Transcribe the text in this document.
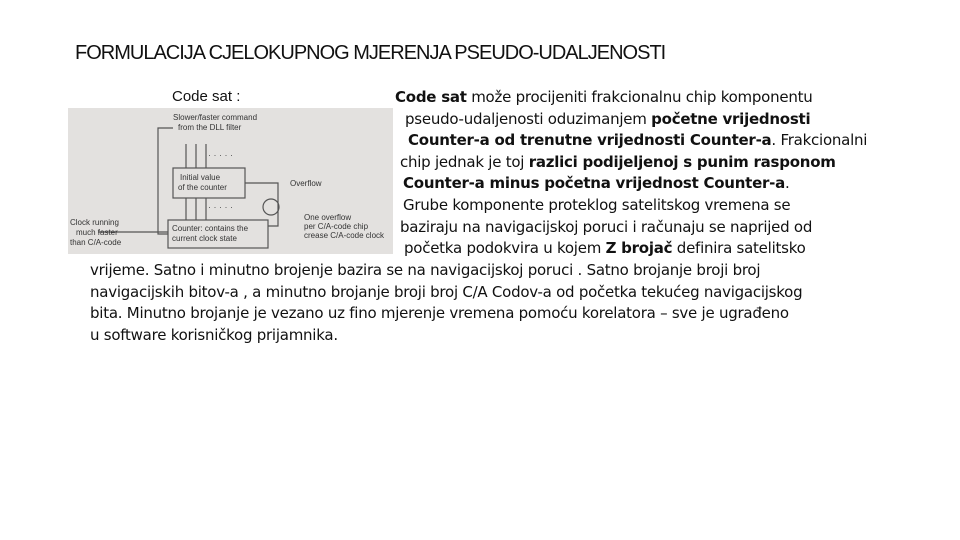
FORMULACIJA CJELOKUPNOG MJERENJA PSEUDO-UDALJENOSTI
Code sat :
Slower/faster command
from the DLL filter
Initial value
of the counter	Overflow
One overflow
per C/A-code chip
crease C/A-code clock
Counter: contains the
current clock state
Clock running
much faster
than C/A-code
· · · · ·
· · · · ·
Code sat može procijeniti frakcionalnu chip komponentu
pseudo-udaljenosti oduzimanjem početne vrijednosti
Counter-a od trenutne vrijednosti Counter-a. Frakcionalni
chip jednak je toj razlici podijeljenoj s punim rasponom
Counter-a minus početna vrijednost Counter-a.
Grube komponente proteklog satelitskog vremena se
baziraju na navigacijskoj poruci i računaju se naprijed od
početka podokvira u kojem Z brojač definira satelitsko
vrijeme. Satno i minutno brojenje bazira se na navigacijskoj poruci . Satno brojanje broji broj
navigacijskih bitov-a , a minutno brojanje broji broj C/A Codov-a od početka tekućeg navigacijskog
bita. Minutno brojanje je vezano uz fino mjerenje vremena pomoću korelatora – sve je ugrađeno
u software korisničkog prijamnika.
